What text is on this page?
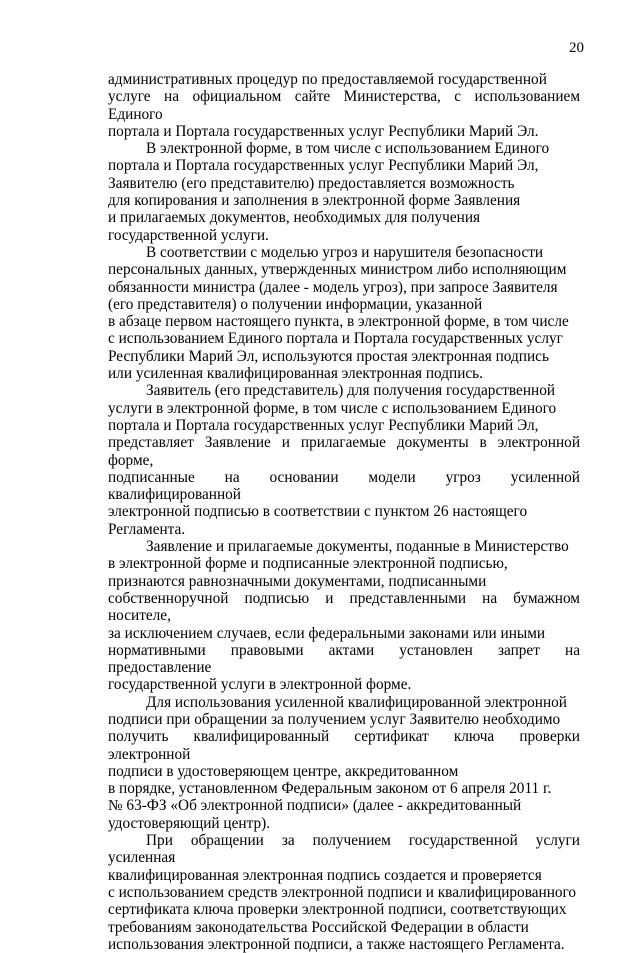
20

административных процедур по предоставляемой государственной
услуге на официальном сайте Министерства, с использованием Единого
портала и Портала государственных услуг Республики Марий Эл.

В электронной форме, в том числе с использованием Единого
портала и Портала государственных услуг Республики Марий Эл,
Заявителю (его представителю) предоставляется возможность
для копирования и заполнения в электронной форме Заявления
и прилагаемых документов, необходимых для получения
государственной услуги.

В соответствии с моделью угроз и нарушителя безопасности
персональных данных, утвержденных министром либо исполняющим
обязанности министра (далее - модель угроз), при запросе Заявителя
(его представителя) о получении информации, указанной
в абзаце первом настоящего пункта, в электронной форме, в том числе
с использованием Единого портала и Портала государственных услуг
Республики Марий Эл, используются простая электронная подпись
или усиленная квалифицированная электронная подпись.

Заявитель (его представитель) для получения государственной
услуги в электронной форме, в том числе с использованием Единого
портала и Портала государственных услуг Республики Марий Эл,
представляет Заявление и прилагаемые документы в электронной форме,
подписанные на основании модели угроз усиленной квалифицированной
электронной подписью в соответствии с пунктом 26 настоящего
Регламента.

Заявление и прилагаемые документы, поданные в Министерство
в электронной форме и подписанные электронной подписью,
признаются равнозначными документами, подписанными
собственноручной подписью и представленными на бумажном носителе,
за исключением случаев, если федеральными законами или иными
нормативными правовыми актами установлен запрет на предоставление
государственной услуги в электронной форме.

Для использования усиленной квалифицированной электронной
подписи при обращении за получением услуг Заявителю необходимо
получить квалифицированный сертификат ключа проверки электронной
подписи в удостоверяющем центре, аккредитованном
в порядке, установленном Федеральным законом от 6 апреля 2011 г.
№ 63-ФЗ «Об электронной подписи» (далее - аккредитованный
удостоверяющий центр).

При обращении за получением государственной услуги усиленная
квалифицированная электронная подпись создается и проверяется
с использованием средств электронной подписи и квалифицированного
сертификата ключа проверки электронной подписи, соответствующих
требованиям законодательства Российской Федерации в области
использования электронной подписи, а также настоящего Регламента.
